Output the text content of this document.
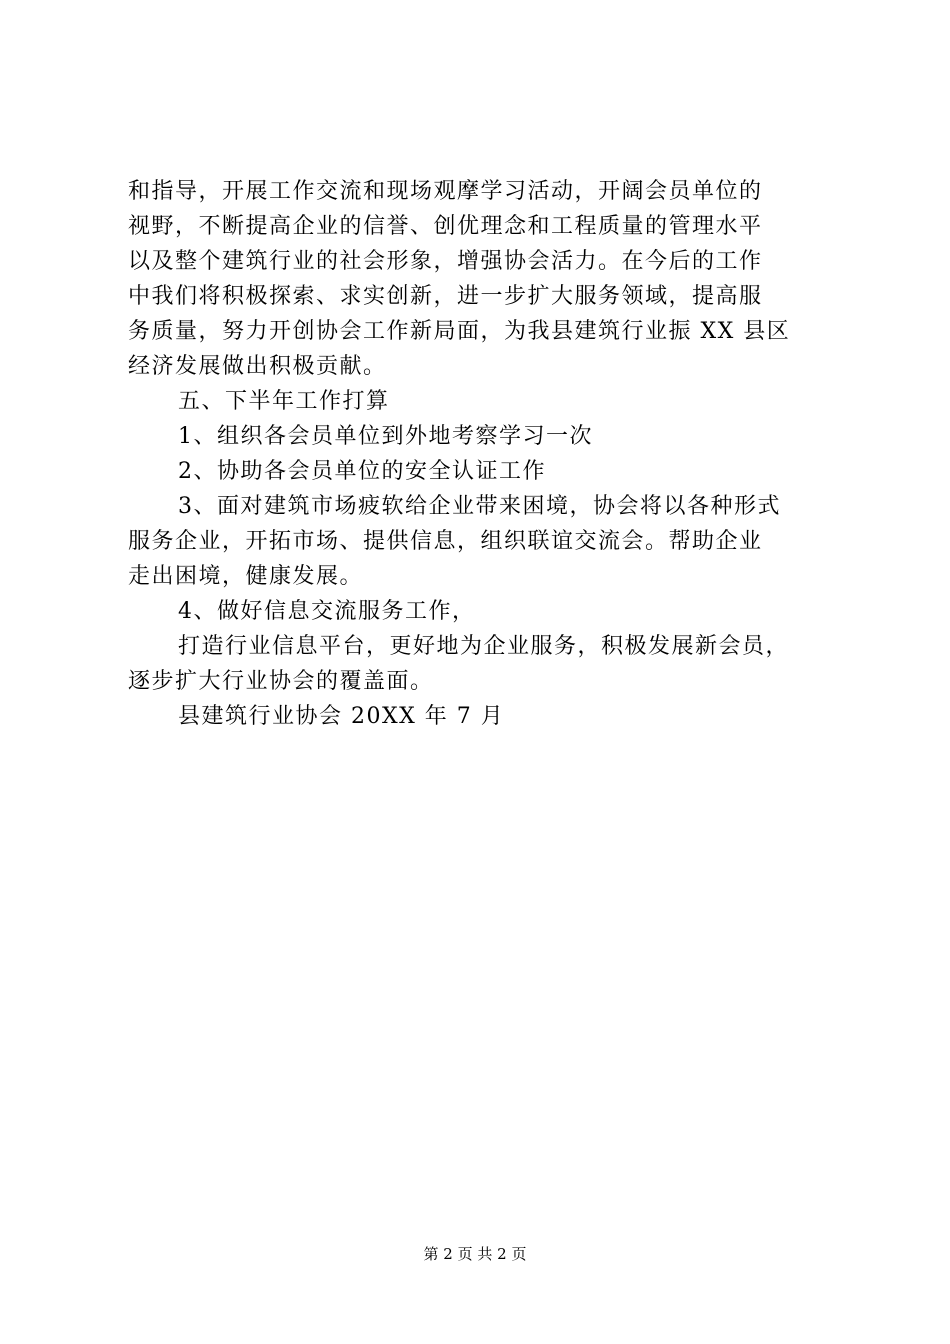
和指导，开展工作交流和现场观摩学习活动，开阔会员单位的
视野，不断提高企业的信誉、创优理念和工程质量的管理水平
以及整个建筑行业的社会形象，增强协会活力。在今后的工作
中我们将积极探索、求实创新，进一步扩大服务领域，提高服
务质量，努力开创协会工作新局面，为我县建筑行业振 XX 县区
经济发展做出积极贡献。
五、下半年工作打算
1、组织各会员单位到外地考察学习一次
2、协助各会员单位的安全认证工作
3、面对建筑市场疲软给企业带来困境，协会将以各种形式
服务企业，开拓市场、提供信息，组织联谊交流会。帮助企业
走出困境，健康发展。
4、做好信息交流服务工作，
打造行业信息平台，更好地为企业服务，积极发展新会员，
逐步扩大行业协会的覆盖面。
县建筑行业协会 20XX 年 7 月
第 2 页 共 2 页
